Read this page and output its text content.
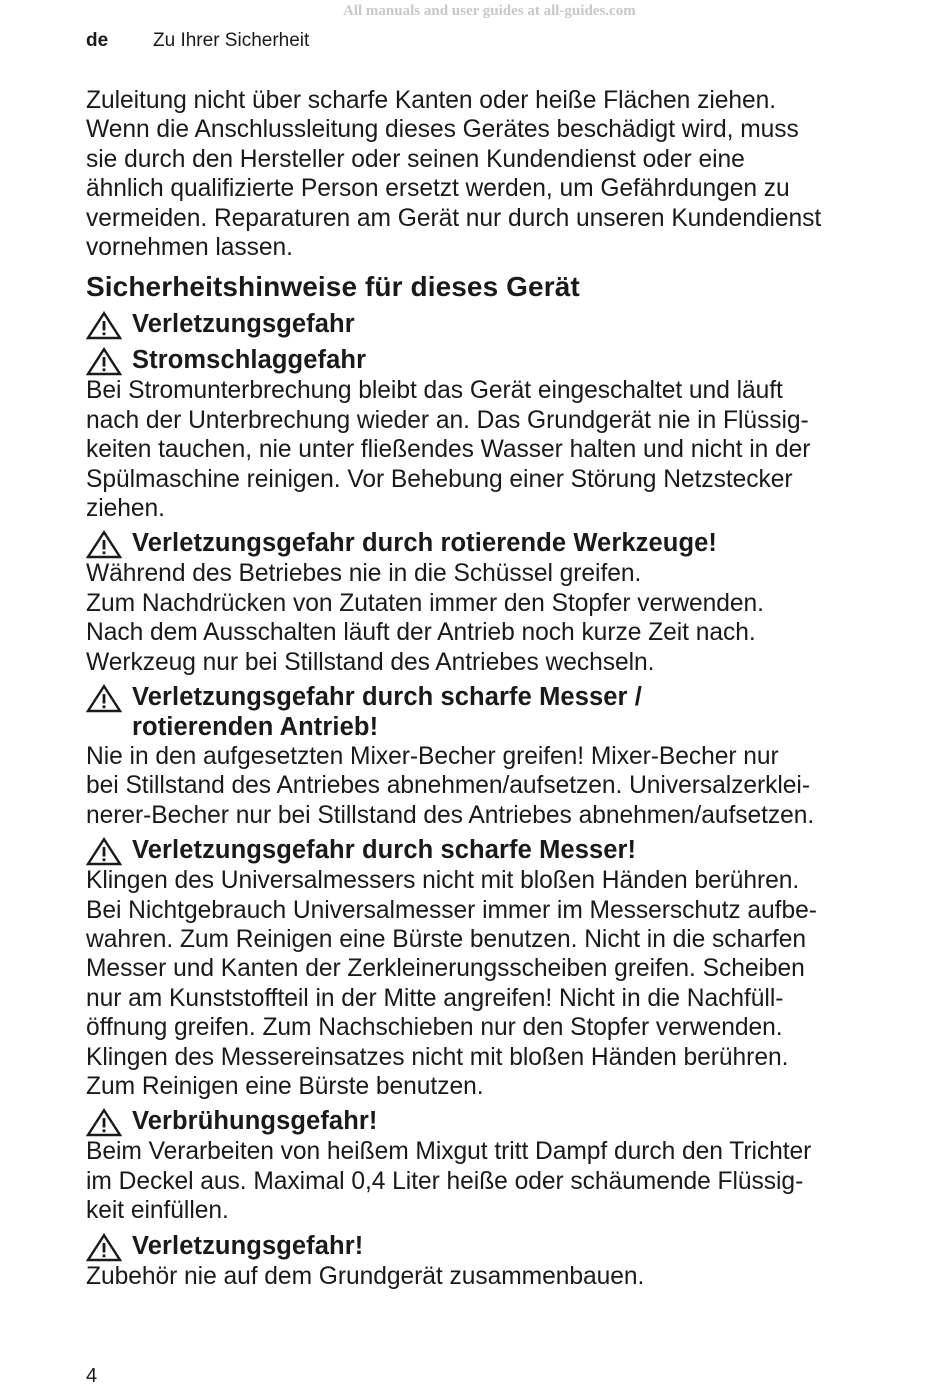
All manuals and user guides at all-guides.com
de Zu Ihrer Sicherheit

Zuleitung nicht über scharfe Kanten oder heiße Flächen ziehen.

Wenn die Anschlussleitung dieses Gerätes beschädigt wird, muss

sie durch den Hersteller oder seinen Kundendienst oder eine

ähnlich qualifizierte Person ersetzt werden, um Gefährdungen zu

vermeiden. Reparaturen am Gerät nur durch unseren Kundendienst

vornehmen lassen.

Sicherheitshinweise für dieses Gerät
Verletzungsgefahr
Stromschlaggefahr

Bei Stromunterbrechung bleibt das Gerät eingeschaltet und läuft

nach der Unterbrechung wieder an. Das Grundgerät nie in Flüssig-

keiten tauchen, nie unter fließendes Wasser halten und nicht in der

Spülmaschine reinigen. Vor Behebung einer Störung Netzstecker

ziehen.

Verletzungsgefahr durch rotierende Werkzeuge!

Während des Betriebes nie in die Schüssel greifen.

Zum Nachdrücken von Zutaten immer den Stopfer verwenden.

Nach dem Ausschalten läuft der Antrieb noch kurze Zeit nach.

Werkzeug nur bei Stillstand des Antriebes wechseln.

Verletzungsgefahr durch scharfe Messer /
rotierenden Antrieb!

Nie in den aufgesetzten Mixer-Becher greifen! Mixer-Becher nur

bei Stillstand des Antriebes abnehmen/aufsetzen. Universalzerklei-

nerer-Becher nur bei Stillstand des Antriebes abnehmen/aufsetzen.

Verletzungsgefahr durch scharfe Messer!

Klingen des Universalmessers nicht mit bloßen Händen berühren.

Bei Nichtgebrauch Universalmesser immer im Messerschutz aufbe-

wahren. Zum Reinigen eine Bürste benutzen. Nicht in die scharfen

Messer und Kanten der Zerkleinerungsscheiben greifen. Scheiben

nur am Kunststoffteil in der Mitte angreifen! Nicht in die Nachfüll-

öffnung greifen. Zum Nachschieben nur den Stopfer verwenden.

Klingen des Messereinsatzes nicht mit bloßen Händen berühren.

Zum Reinigen eine Bürste benutzen.

Verbrühungsgefahr!

Beim Verarbeiten von heißem Mixgut tritt Dampf durch den Trichter

im Deckel aus. Maximal 0,4 Liter heiße oder schäumende Flüssig-

keit einfüllen.

Verletzungsgefahr!

Zubehör nie auf dem Grundgerät zusammenbauen.

4
